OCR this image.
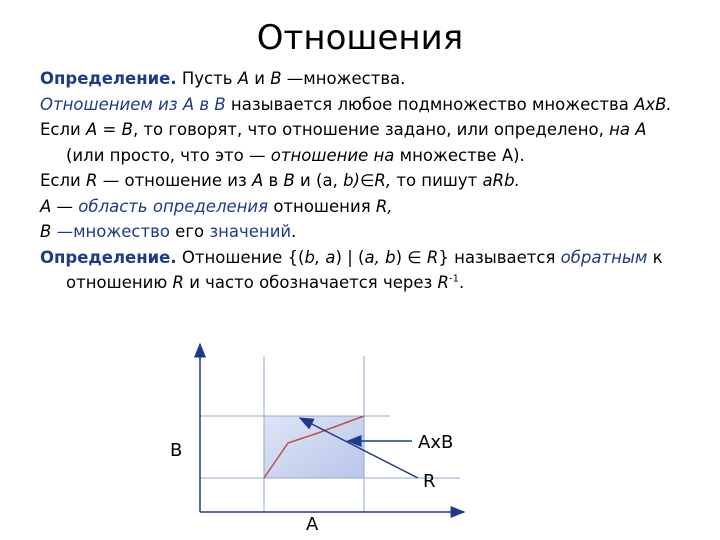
Отношения

Определение. Пусть А и В —множества.

Отношением из А в В называется любое подмножество множества АхВ.

Если A = B, то говорят, что отношение задано, или определено, на A (или просто, что это — отношение на множестве А).

Если R — отношение из A в B и (а, b)∈R, то пишут aRb.

A — область определения отношения R,

B —множество его значений.

Определение. Отношение {(b, a) | (a, b) ∈ R} называется обратным к отношению R и часто обозначается через $R^{-1}$.

B
A
AxB
R
